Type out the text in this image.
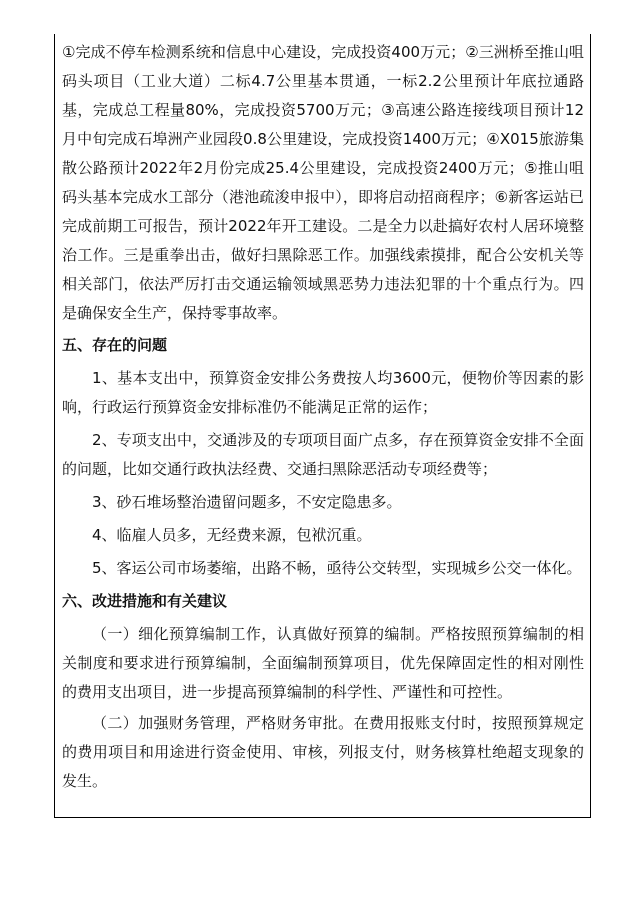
①完成不停车检测系统和信息中心建设，完成投资400万元；②三洲桥至推山咀码头项目（工业大道）二标4.7公里基本贯通，一标2.2公里预计年底拉通路基，完成总工程量80%，完成投资5700万元；③高速公路连接线项目预计12月中旬完成石埠洲产业园段0.8公里建设，完成投资1400万元；④X015旅游集散公路预计2022年2月份完成25.4公里建设，完成投资2400万元；⑤推山咀码头基本完成水工部分（港池疏浚申报中），即将启动招商程序；⑥新客运站已完成前期工可报告，预计2022年开工建设。二是全力以赴搞好农村人居环境整治工作。三是重拳出击，做好扫黑除恶工作。加强线索摸排，配合公安机关等相关部门，依法严厉打击交通运输领域黑恶势力违法犯罪的十个重点行为。四是确保安全生产，保持零事故率。

五、存在的问题

1、基本支出中，预算资金安排公务费按人均3600元，便物价等因素的影响，行政运行预算资金安排标准仍不能满足正常的运作；

2、专项支出中，交通涉及的专项项目面广点多，存在预算资金安排不全面的问题，比如交通行政执法经费、交通扫黑除恶活动专项经费等；

3、砂石堆场整治遗留问题多，不安定隐患多。

4、临雇人员多，无经费来源，包袱沉重。

5、客运公司市场萎缩，出路不畅，亟待公交转型，实现城乡公交一体化。

六、改进措施和有关建议

（一）细化预算编制工作，认真做好预算的编制。严格按照预算编制的相关制度和要求进行预算编制，全面编制预算项目，优先保障固定性的相对刚性的费用支出项目，进一步提高预算编制的科学性、严谨性和可控性。

（二）加强财务管理，严格财务审批。在费用报账支付时，按照预算规定的费用项目和用途进行资金使用、审核，列报支付，财务核算杜绝超支现象的发生。
